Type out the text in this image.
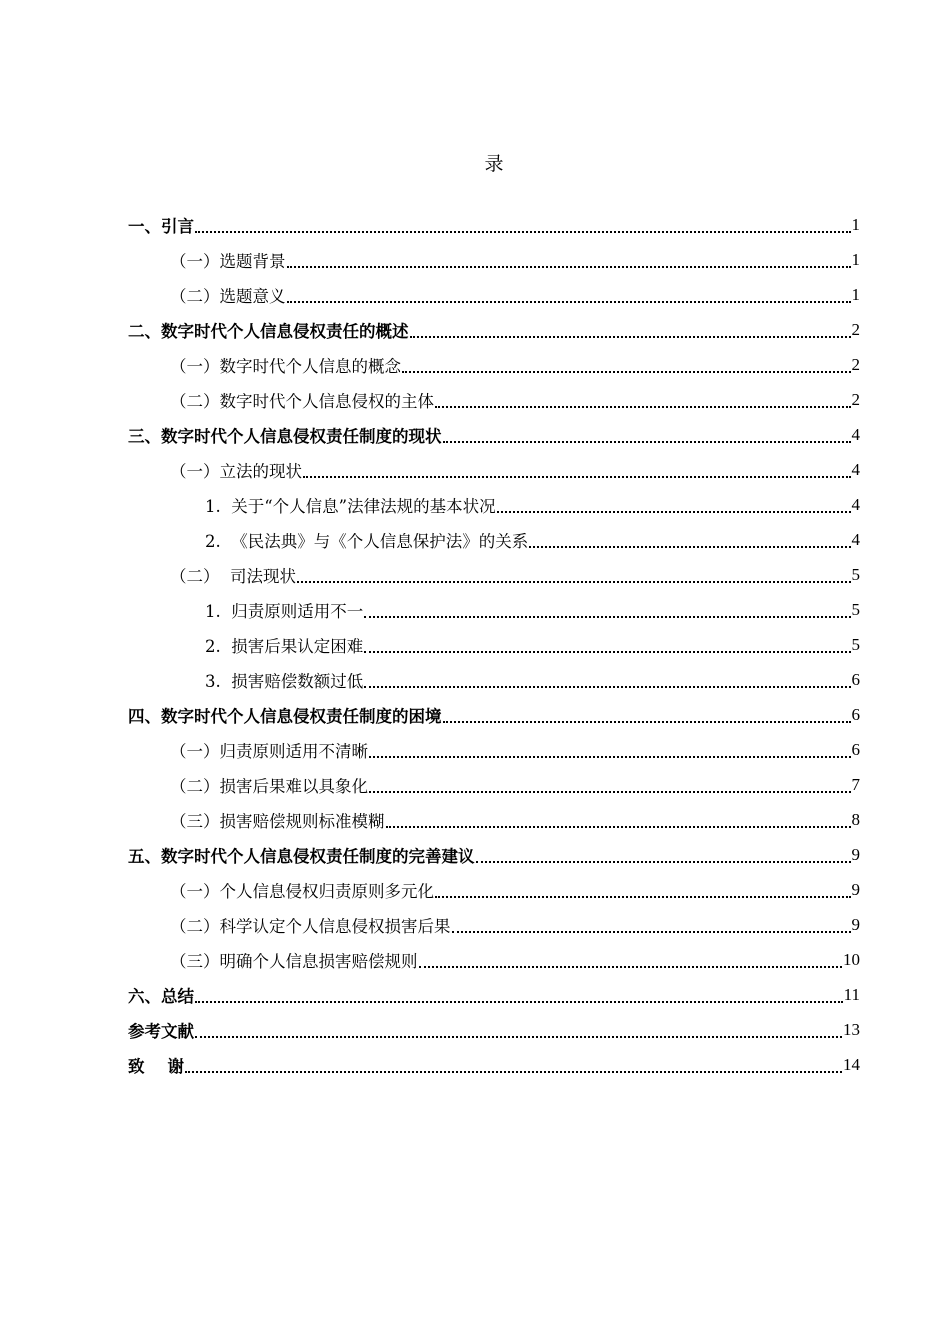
录
一、引言	1
（一）选题背景	1
（二）选题意义	1
二、数字时代个人信息侵权责任的概述	2
（一）数字时代个人信息的概念	2
（二）数字时代个人信息侵权的主体	2
三、数字时代个人信息侵权责任制度的现状	4
（一）立法的现状	4
1.  关于“个人信息”法律法规的基本状况	4
2.  《民法典》与《个人信息保护法》的关系	4
（二）  司法现状	5
1.  归责原则适用不一	5
2.  损害后果认定困难	5
3.  损害赔偿数额过低	6
四、数字时代个人信息侵权责任制度的困境	6
（一）归责原则适用不清晰	6
（二）损害后果难以具象化	7
（三）损害赔偿规则标准模糊	8
五、数字时代个人信息侵权责任制度的完善建议	9
（一）个人信息侵权归责原则多元化	9
（二）科学认定个人信息侵权损害后果	9
（三）明确个人信息损害赔偿规则	10
六、总结	11
参考文献	13
致    谢	14
